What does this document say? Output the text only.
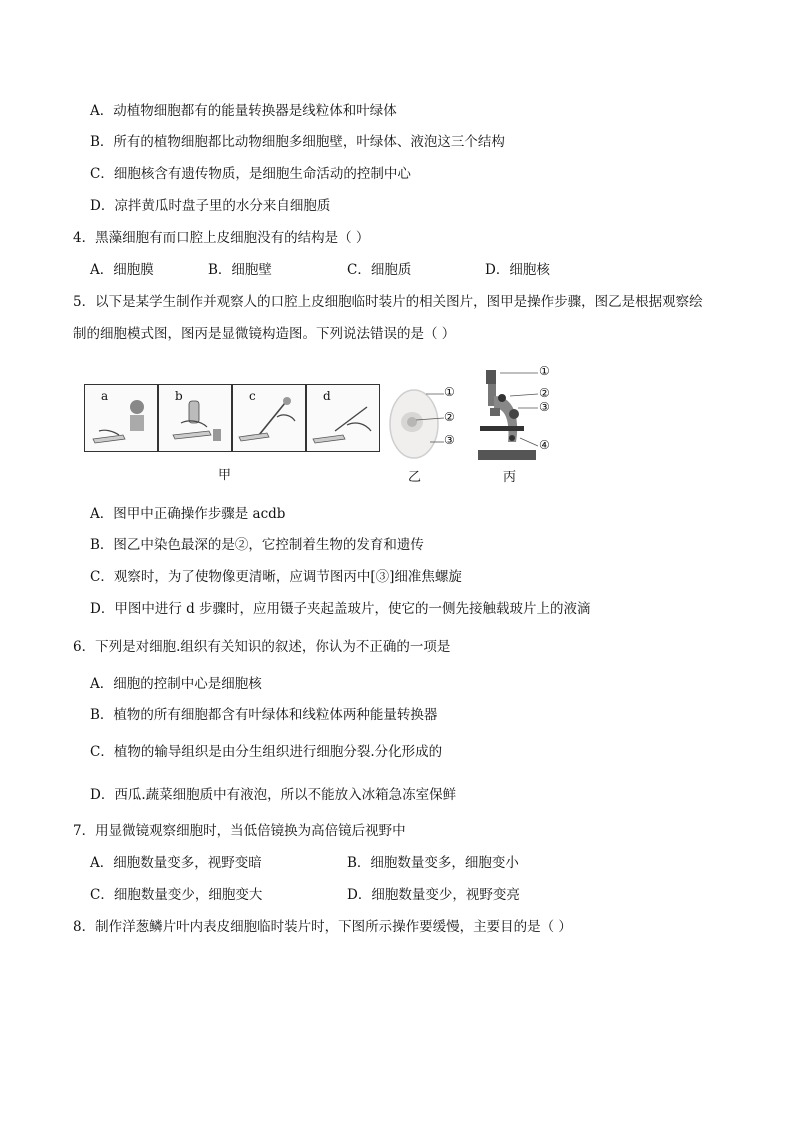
A．动植物细胞都有的能量转换器是线粒体和叶绿体
B．所有的植物细胞都比动物细胞多细胞壁，叶绿体、液泡这三个结构
C．细胞核含有遗传物质，是细胞生命活动的控制中心
D．凉拌黄瓜时盘子里的水分来自细胞质
4．黑藻细胞有而口腔上皮细胞没有的结构是（ ）
A．细胞膜	B．细胞壁	C．细胞质	D．细胞核
5．以下是某学生制作并观察人的口腔上皮细胞临时装片的相关图片，图甲是操作步骤，图乙是根据观察绘
制的细胞模式图，图丙是显微镜构造图。下列说法错误的是（ ）
a	b	c	d	①
②
③
①
②
③
④
甲	乙	丙
A．图甲中正确操作步骤是 acdb
B．图乙中染色最深的是②，它控制着生物的发育和遗传
C．观察时，为了使物像更清晰，应调节图丙中[③]细准焦螺旋
D．甲图中进行 d 步骤时，应用镊子夹起盖玻片，使它的一侧先接触载玻片上的液滴
6．下列是对细胞.组织有关知识的叙述，你认为不正确的一项是
A．细胞的控制中心是细胞核
B．植物的所有细胞都含有叶绿体和线粒体两种能量转换器
C．植物的输导组织是由分生组织进行细胞分裂.分化形成的
D．西瓜.蔬菜细胞质中有液泡，所以不能放入冰箱急冻室保鲜
7．用显微镜观察细胞时，当低倍镜换为高倍镜后视野中
A．细胞数量变多，视野变暗	B．细胞数量变多，细胞变小
C．细胞数量变少，细胞变大	D．细胞数量变少，视野变亮
8．制作洋葱鳞片叶内表皮细胞临时装片时，下图所示操作要缓慢，主要目的是（ ）
